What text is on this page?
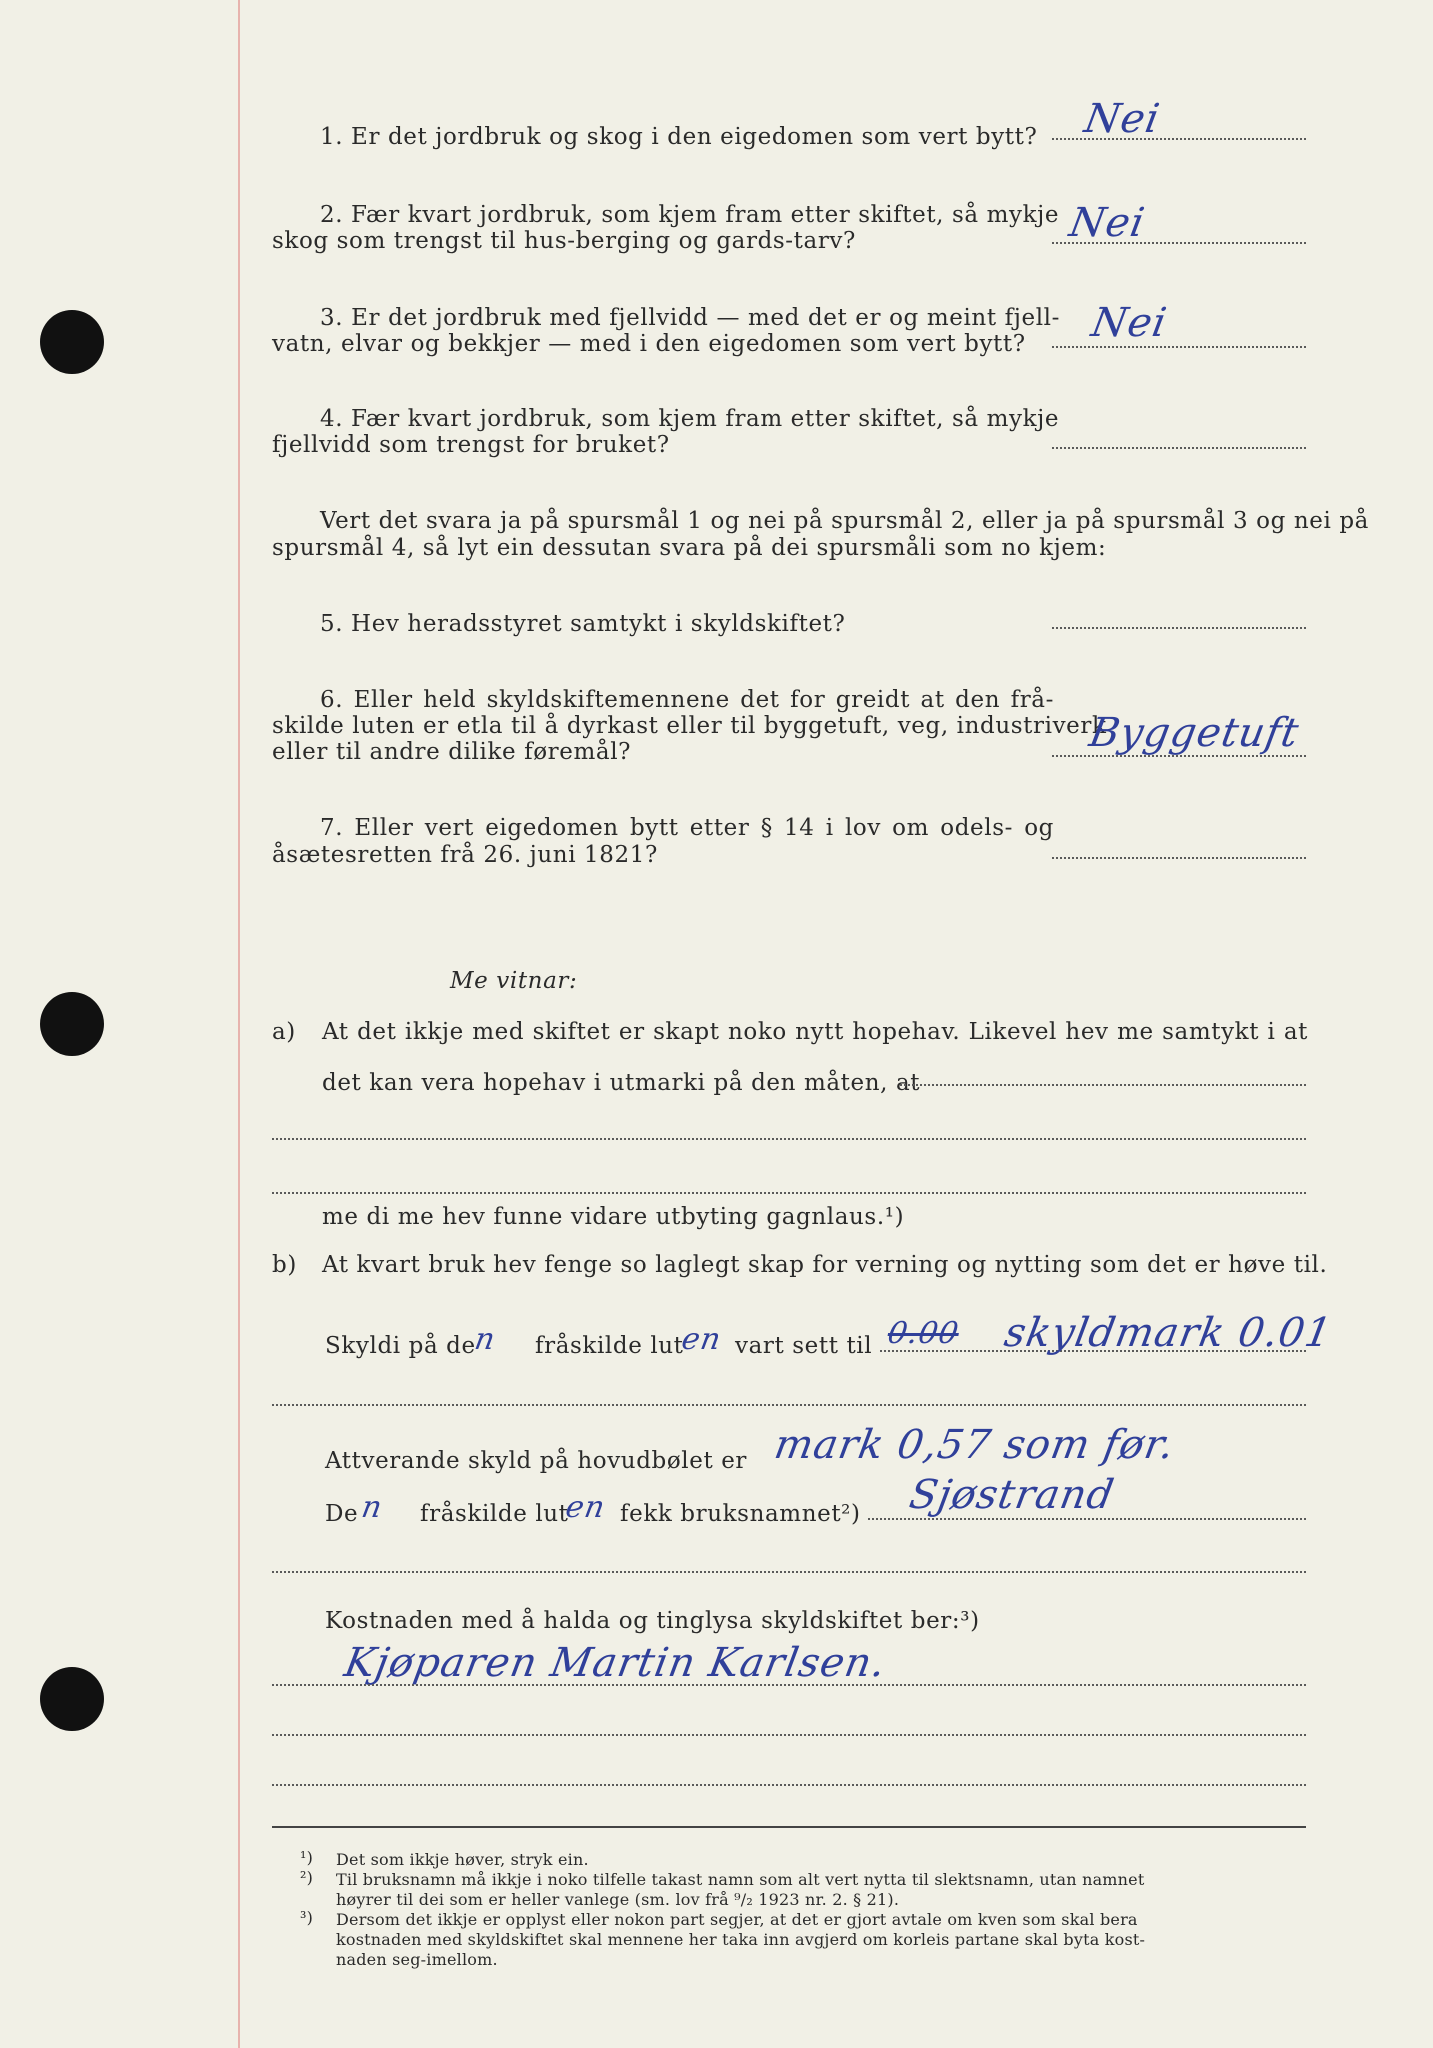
1. Er det jordbruk og skog i den eigedomen som vert bytt? Nei
2. Fær kvart jordbruk, som kjem fram etter skiftet, så mykje
skog som trengst til hus‐berging og gards‐tarv?	Nei
3. Er det jordbruk med fjellvidd — med det er og meint fjell‐
vatn, elvar og bekkjer — med i den eigedomen som vert bytt? Nei
4. Fær kvart jordbruk, som kjem fram etter skiftet, så mykje
fjellvidd som trengst for bruket?
Vert det svara ja på spursmål 1 og nei på spursmål 2, eller ja på spursmål 3 og nei på
spursmål 4, så lyt ein dessutan svara på dei spursmåli som no kjem:
5. Hev heradsstyret samtykt i skyldskiftet?
6. Eller held skyldskiftemennene det for greidt at den frå‐
skilde luten er etla til å dyrkast eller til byggetuft, veg, industriverk
eller til andre dilike føremål?	Byggetuft
7. Eller vert eigedomen bytt etter § 14 i lov om odels‐ og
åsætesretten frå 26. juni 1821?
Me vitnar:
a) At det ikkje med skiftet er skapt noko nytt hopehav. Likevel hev me samtykt i at
det kan vera hopehav i utmarki på den måten, at
me di me hev funne vidare utbyting gagnlaus.¹)
b) At kvart bruk hev fenge so laglegt skap for verning og nytting som det er høve til.
Skyldi på de
n fråskilde lut
en vart sett til 0.00 skyldmark 0.01
Attverande skyld på hovudbølet er mark 0,57 som før.
De n fråskilde lut
en fekk bruksnamnet²) Sjøstrand
Kostnaden med å halda og tinglysa skyldskiftet ber:³)
Kjøparen Martin Karlsen.
¹) Det som ikkje høver, stryk ein.
²) Til bruksnamn må ikkje i noko tilfelle takast namn som alt vert nytta til slektsnamn, utan namnet
høyrer til dei som er heller vanlege (sm. lov frå ⁹/₂ 1923 nr. 2. § 21).
³) Dersom det ikkje er opplyst eller nokon part segjer, at det er gjort avtale om kven som skal bera
kostnaden med skyldskiftet skal mennene her taka inn avgjerd om korleis partane skal byta kost‐
naden seg‐imellom.
